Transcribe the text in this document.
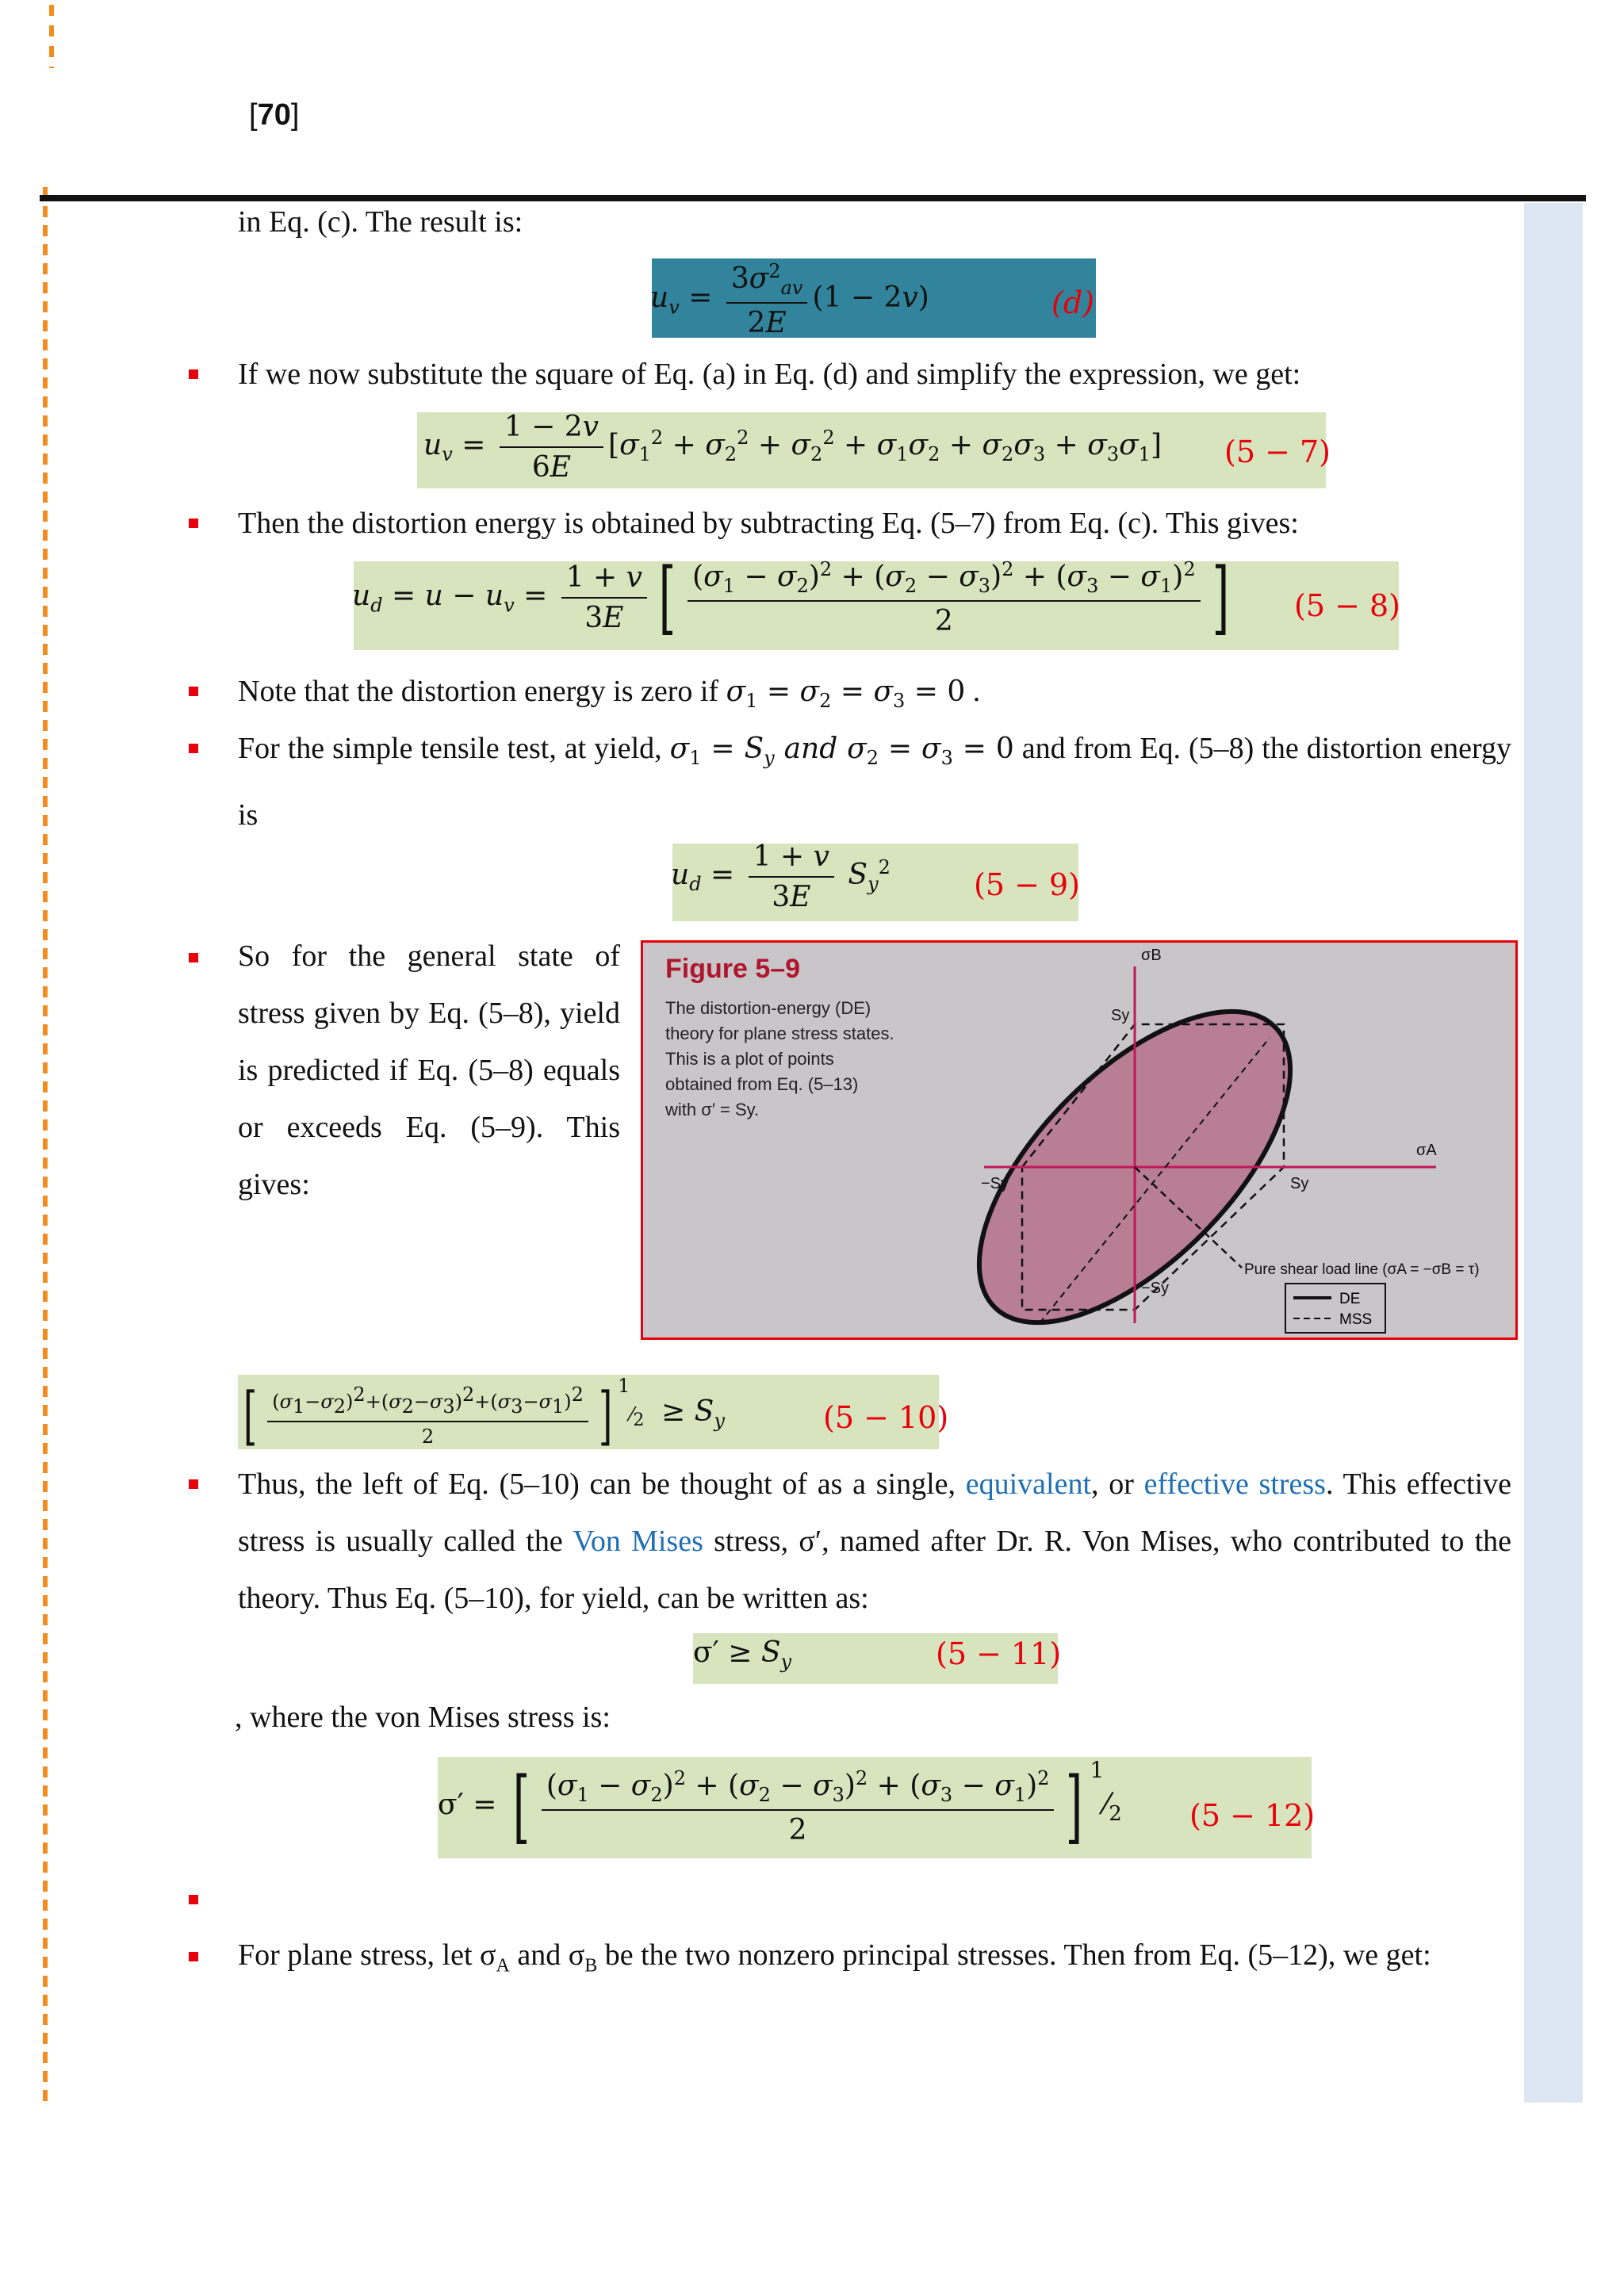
[70]
in Eq. (c). The result is:
$u_v = \frac{3\sigma^2_{av}}{2E} (1 - 2v)$	(d)
If we now substitute the square of Eq. (a) in Eq. (d) and simplify the expression, we get:
$u_v = \frac{1 - 2v}{6E} [\sigma_1^2 + \sigma_2^2 + \sigma_2^2 + \sigma_1\sigma_2 + \sigma_2\sigma_3 + \sigma_3\sigma_1] (5 - 7)$
Then the distortion energy is obtained by subtracting Eq. (5–7) from Eq. (c). This gives:
$u_d = u - u_v = \frac{1 + v}{3E}$ [ $\frac{(\sigma_1 - \sigma_2)^2 + (\sigma_2 - \sigma_3)^2 + (\sigma_3 - \sigma_1)^2}{2}$ ] (5 − 8)
Note that the distortion energy is zero if $\sigma_1 = \sigma_2 = \sigma_3 = 0$ .
For the simple tensile test, at yield, $\sigma_1 = S_y$ and $\sigma_2 = \sigma_3 = 0$ and from Eq. (5–8) the distortion energy is
$u_d = \frac{1 + v}{3E} S_y^2$	(5 − 9)
So for the general state of stress given by Eq. (5–8), yield is predicted if Eq. (5–8) equals or exceeds Eq. (5–9). This gives:
Figure 5–9
The distortion-energy (DE)
theory for plane stress states.
This is a plot of points
obtained from Eq. (5–13)
with σ′ = Sy.
σB
σA
Sy
Sy
−Sy
−Sy
Pure shear load line (σA = −σB = τ)
DE
MSS
[ $\frac{(\sigma_1-\sigma_2)^2+(\sigma_2-\sigma_3)^2+(\sigma_3-\sigma_1)^2}{2}$ ] $^1⁄_2 \ge S_y$	(5 − 10)
Thus, the left of Eq. (5–10) can be thought of as a single, equivalent, or effective stress. This effective stress is usually called the Von Mises stress, σ′, named after Dr. R. Von Mises, who contributed to the theory. Thus Eq. (5–10), for yield, can be written as:
$\sigma' \ge S_y$	(5 − 11)
, where the von Mises stress is:
σ′ = [ $\frac{(\sigma_1 - \sigma_2)^2 + (\sigma_2 - \sigma_3)^2 + (\sigma_3 - \sigma_1)^2}{2}$ ] $^1⁄_2$ (5 − 12)
For plane stress, let $\sigma_A$ and $\sigma_B$ be the two nonzero principal stresses. Then from Eq. (5–12), we get:
